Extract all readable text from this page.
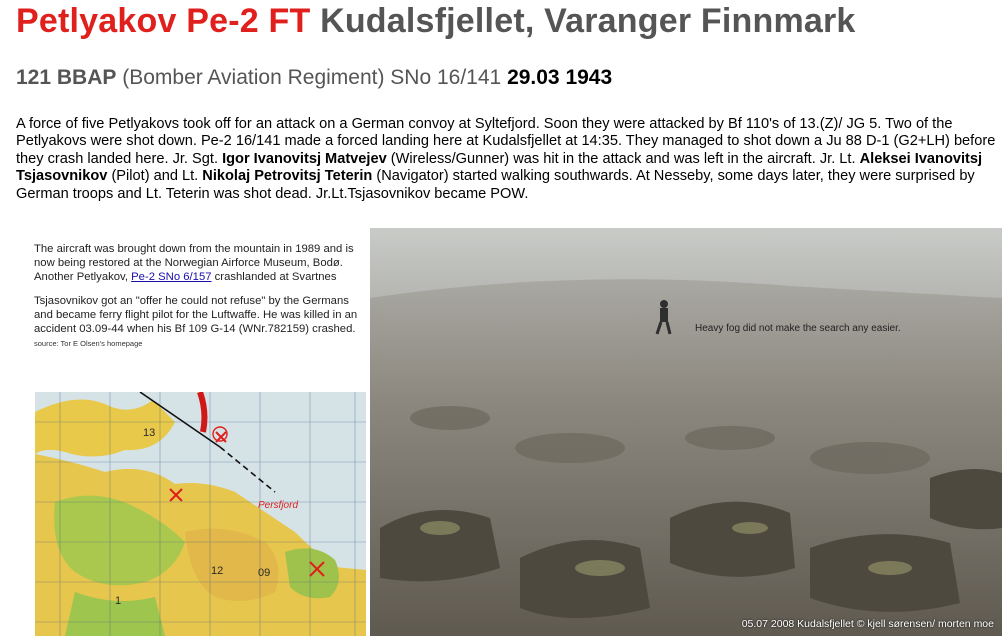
Petlyakov Pe-2 FT Kudalsfjellet, Varanger Finnmark
121 BBAP (Bomber Aviation Regiment) SNo 16/141 29.03 1943

A force of five Petlyakovs took off for an attack on a German convoy at Syltefjord. Soon they were attacked by Bf 110's of 13.(Z)/ JG 5. Two of the Petlyakovs were shot down. Pe-2 16/141 made a forced landing here at Kudalsfjellet at 14:35. They managed to shot down a Ju 88 D-1 (G2+LH) before they crash landed here. Jr. Sgt. Igor Ivanovitsj Matvejev (Wireless/Gunner) was hit in the attack and was left in the aircraft. Jr. Lt. Aleksei Ivanovitsj Tsjasovnikov (Pilot) and Lt. Nikolaj Petrovitsj Teterin (Navigator) started walking southwards. At Nesseby, some days later, they were surprised by German troops and Lt. Teterin was shot dead. Jr.Lt.Tsjasovnikov became POW.

The aircraft was brought down from the mountain in 1989 and is now being restored at the Norwegian Airforce Museum, Bodø. Another Petlyakov, Pe-2 SNo 6/157 crashlanded at Svartnes

Tsjasovnikov got an "offer he could not refuse" by the Germans and became ferry flight pilot for the Luftwaffe. He was killed in an accident 03.09-44 when his Bf 109 G-14 (WNr.782159) crashed. source: Tor E Olsen's homepage

13
12	09
1
Persfjord
Heavy fog did not make the search any easier.
05.07 2008 Kudalsfjellet © kjell sørensen/ morten moe
